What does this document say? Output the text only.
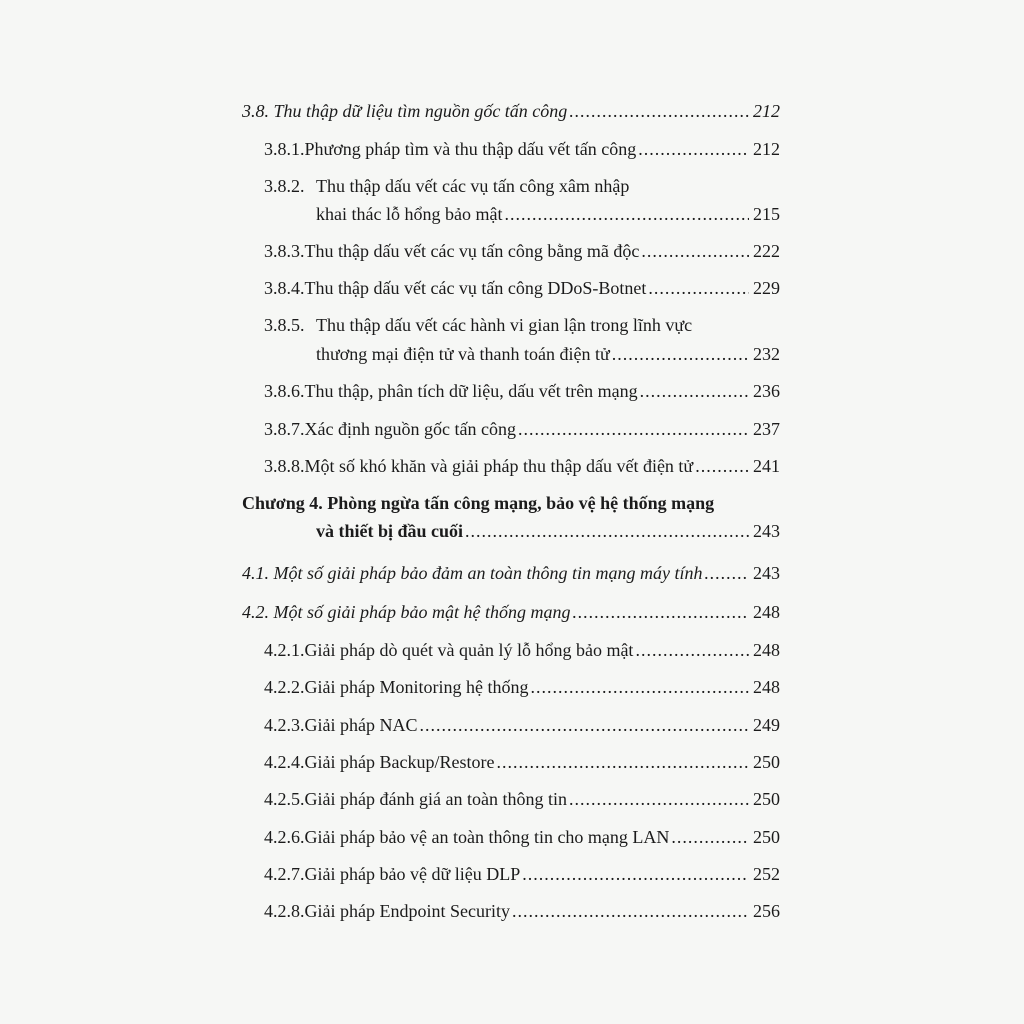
3.8. Thu thập dữ liệu tìm nguồn gốc tấn công .....	212
3.8.1. Phương pháp tìm và thu thập dấu vết tấn công .....	212
3.8.2. Thu thập dấu vết các vụ tấn công xâm nhập
khai thác lỗ hổng bảo mật .....	215
3.8.3. Thu thập dấu vết các vụ tấn công bằng mã độc .....	222
3.8.4. Thu thập dấu vết các vụ tấn công DDoS-Botnet .....	229
3.8.5. Thu thập dấu vết các hành vi gian lận trong lĩnh vực
thương mại điện tử và thanh toán điện tử .....	232
3.8.6. Thu thập, phân tích dữ liệu, dấu vết trên mạng .....	236
3.8.7. Xác định nguồn gốc tấn công .....	237
3.8.8. Một số khó khăn và giải pháp thu thập dấu vết điện tử .....	241
Chương 4. Phòng ngừa tấn công mạng, bảo vệ hệ thống mạng
và thiết bị đầu cuối .....	243
4.1. Một số giải pháp bảo đảm an toàn thông tin mạng máy tính .....	243
4.2. Một số giải pháp bảo mật hệ thống mạng .....	248
4.2.1. Giải pháp dò quét và quản lý lỗ hổng bảo mật .....	248
4.2.2. Giải pháp Monitoring hệ thống .....	248
4.2.3. Giải pháp NAC .....	249
4.2.4. Giải pháp Backup/Restore .....	250
4.2.5. Giải pháp đánh giá an toàn thông tin .....	250
4.2.6. Giải pháp bảo vệ an toàn thông tin cho mạng LAN .....	250
4.2.7. Giải pháp bảo vệ dữ liệu DLP .....	252
4.2.8. Giải pháp Endpoint Security .....	256
